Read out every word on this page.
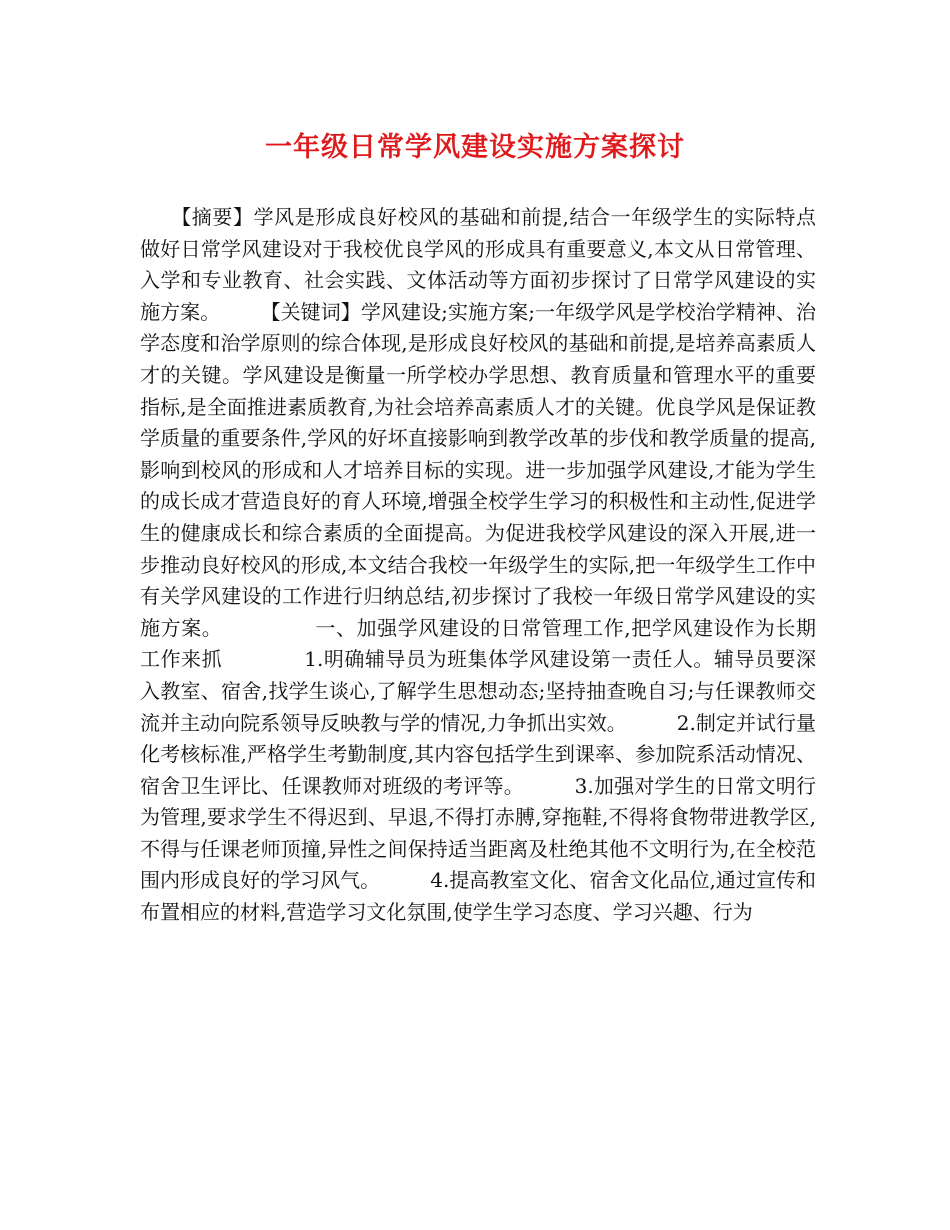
一年级日常学风建设实施方案探讨

　　【摘要】学风是形成良好校风的基础和前提,结合一年级学生的实际特点做好日常学风建设对于我校优良学风的形成具有重要意义,本文从日常管理、入学和专业教育、社会实践、文体活动等方面初步探讨了日常学风建设的实施方案。　　　【关键词】学风建设;实施方案;一年级学风是学校治学精神、治学态度和治学原则的综合体现,是形成良好校风的基础和前提,是培养高素质人才的关键。学风建设是衡量一所学校办学思想、教育质量和管理水平的重要指标,是全面推进素质教育,为社会培养高素质人才的关键。优良学风是保证教学质量的重要条件,学风的好坏直接影响到教学改革的步伐和教学质量的提高,影响到校风的形成和人才培养目标的实现。进一步加强学风建设,才能为学生的成长成才营造良好的育人环境,增强全校学生学习的积极性和主动性,促进学生的健康成长和综合素质的全面提高。为促进我校学风建设的深入开展,进一步推动良好校风的形成,本文结合我校一年级学生的实际,把一年级学生工作中有关学风建设的工作进行归纳总结,初步探讨了我校一年级日常学风建设的实施方案。　　　　　一、加强学风建设的日常管理工作,把学风建设作为长期工作来抓　　　　1.明确辅导员为班集体学风建设第一责任人。辅导员要深入教室、宿舍,找学生谈心,了解学生思想动态;坚持抽查晚自习;与任课教师交流并主动向院系领导反映教与学的情况,力争抓出实效。　　　2.制定并试行量化考核标准,严格学生考勤制度,其内容包括学生到课率、参加院系活动情况、宿舍卫生评比、任课教师对班级的考评等。　　　3.加强对学生的日常文明行为管理,要求学生不得迟到、早退,不得打赤膊,穿拖鞋,不得将食物带进教学区,不得与任课老师顶撞,异性之间保持适当距离及杜绝其他不文明行为,在全校范围内形成良好的学习风气。　　　4.提高教室文化、宿舍文化品位,通过宣传和布置相应的材料,营造学习文化氛围,使学生学习态度、学习兴趣、行为
